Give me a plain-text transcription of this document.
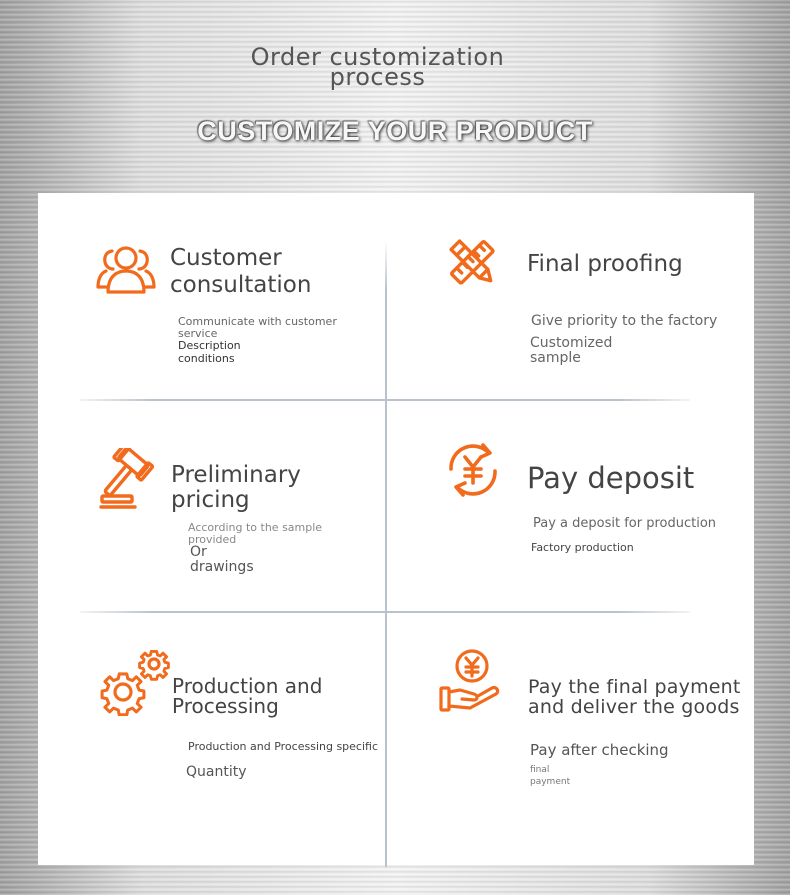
Order customization
process
CUSTOMIZE YOUR PRODUCT
Customer consultation
Communicate with customer service
Description conditions
Final proofing
Give priority to the factory
Customized sample
Preliminary pricing
According to the sample provided
Or drawings
Pay deposit
Pay a deposit for production
Factory production
Production and Processing
Production and Processing specific
Quantity
Pay the final payment and deliver the goods
Pay after checking
final payment
